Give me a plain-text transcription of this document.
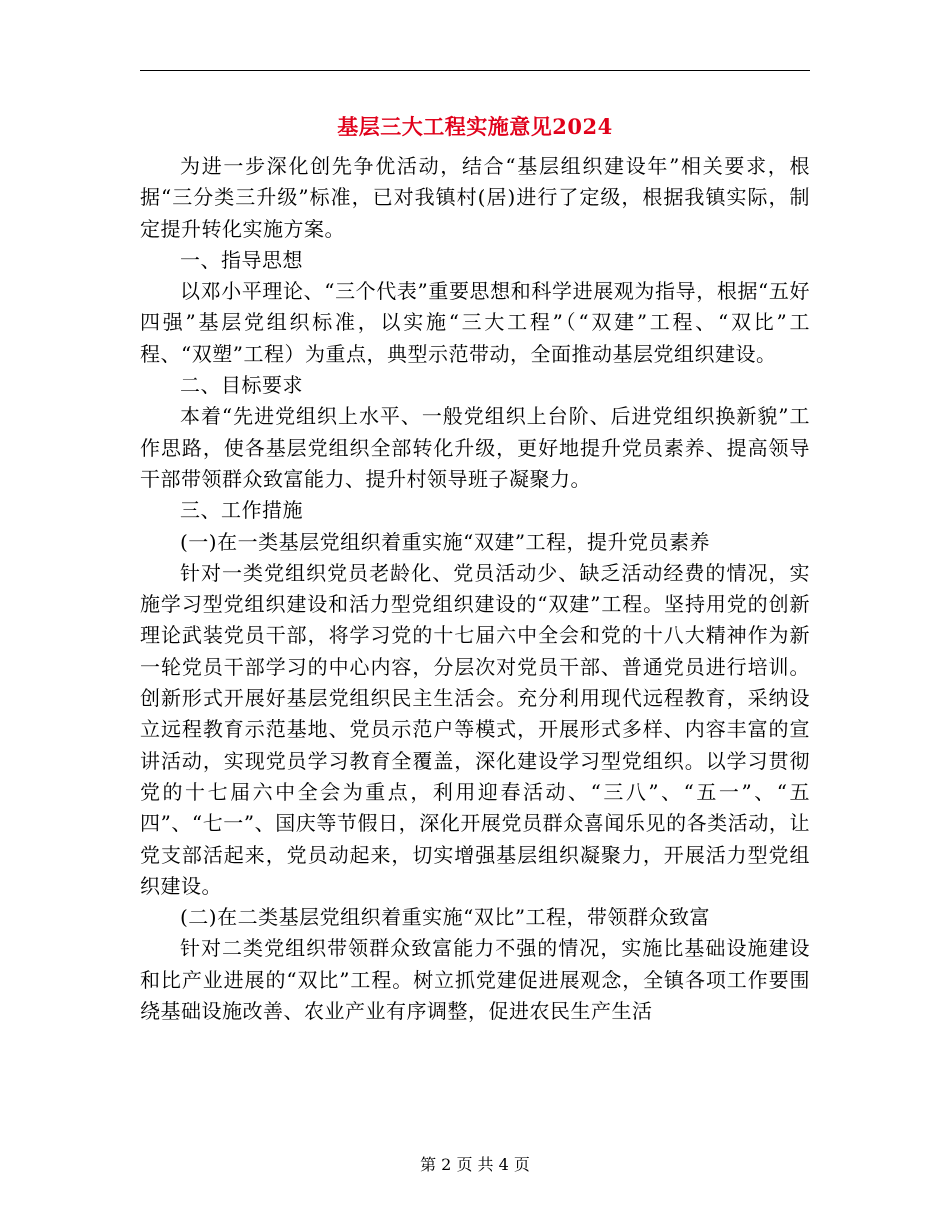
基层三大工程实施意见2024

为进一步深化创先争优活动，结合“基层组织建设年”相关要求，根据“三分类三升级”标准，已对我镇村(居)进行了定级，根据我镇实际，制定提升转化实施方案。

一、指导思想

以邓小平理论、“三个代表”重要思想和科学进展观为指导，根据“五好四强”基层党组织标准，以实施“三大工程”（“双建”工程、“双比”工程、“双塑”工程）为重点，典型示范带动，全面推动基层党组织建设。

二、目标要求

本着“先进党组织上水平、一般党组织上台阶、后进党组织换新貌”工作思路，使各基层党组织全部转化升级，更好地提升党员素养、提高领导干部带领群众致富能力、提升村领导班子凝聚力。

三、工作措施

(一)在一类基层党组织着重实施“双建”工程，提升党员素养

针对一类党组织党员老龄化、党员活动少、缺乏活动经费的情况，实施学习型党组织建设和活力型党组织建设的“双建”工程。坚持用党的创新理论武装党员干部，将学习党的十七届六中全会和党的十八大精神作为新一轮党员干部学习的中心内容，分层次对党员干部、普通党员进行培训。创新形式开展好基层党组织民主生活会。充分利用现代远程教育，采纳设立远程教育示范基地、党员示范户等模式，开展形式多样、内容丰富的宣讲活动，实现党员学习教育全覆盖，深化建设学习型党组织。以学习贯彻党的十七届六中全会为重点，利用迎春活动、“三八”、“五一”、“五四”、“七一”、国庆等节假日，深化开展党员群众喜闻乐见的各类活动，让党支部活起来，党员动起来，切实增强基层组织凝聚力，开展活力型党组织建设。

(二)在二类基层党组织着重实施“双比”工程，带领群众致富

针对二类党组织带领群众致富能力不强的情况，实施比基础设施建设和比产业进展的“双比”工程。树立抓党建促进展观念，全镇各项工作要围绕基础设施改善、农业产业有序调整，促进农民生产生活

第 2 页 共 4 页
